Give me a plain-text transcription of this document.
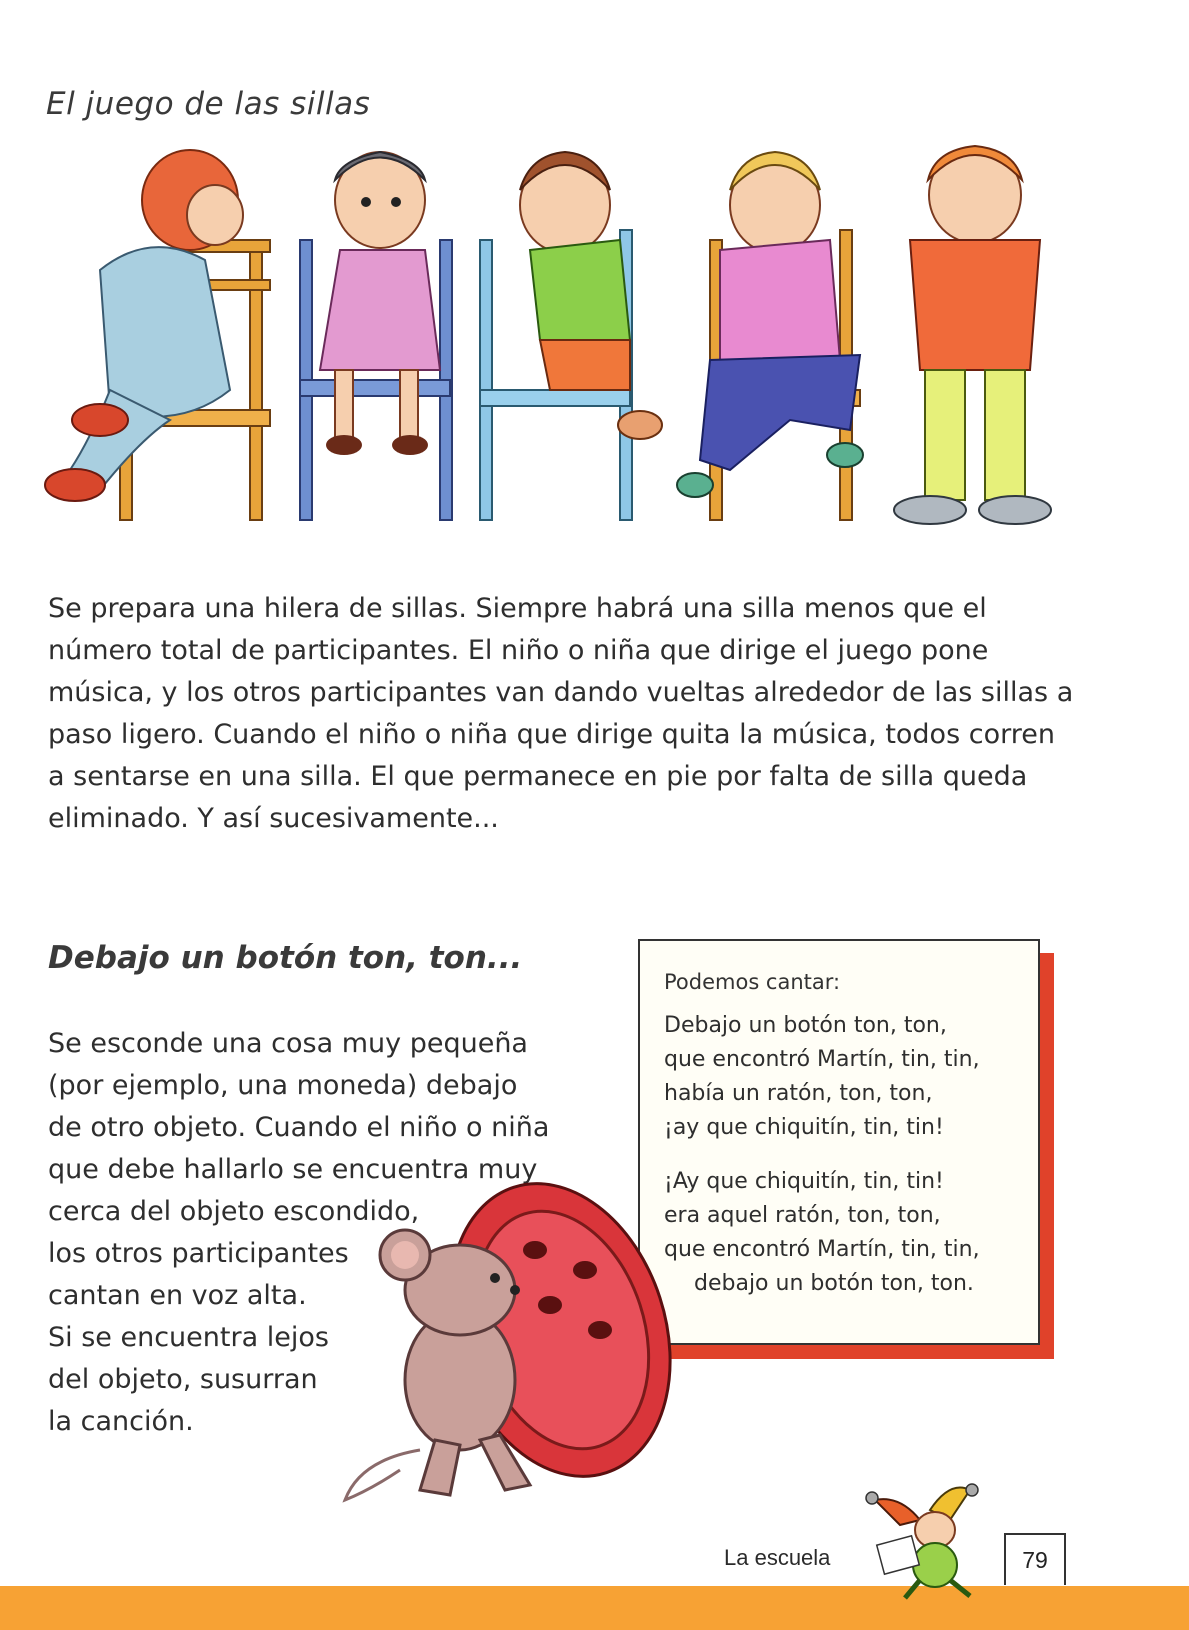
El juego de las sillas

Se prepara una hilera de sillas. Siempre habrá una silla menos que el número total de participantes. El niño o niña que dirige el juego pone música, y los otros participantes van dando vueltas alrededor de las sillas a paso ligero. Cuando el niño o niña que dirige quita la música, todos corren a sentarse en una silla. El que permanece en pie por falta de silla queda eliminado. Y así sucesivamente...

Debajo un botón ton, ton...
Se esconde una cosa muy pequeña
(por ejemplo, una moneda) debajo
de otro objeto. Cuando el niño o niña
que debe hallarlo se encuentra muy
cerca del objeto escondido,
los otros participantes
cantan en voz alta.
Si se encuentra lejos
del objeto, susurran
la canción.

Podemos cantar:

Debajo un botón ton, ton,
que encontró Martín, tin, tin,
había un ratón, ton, ton,
¡ay que chiquitín, tin, tin!
¡Ay que chiquitín, tin, tin!
era aquel ratón, ton, ton,
que encontró Martín, tin, tin,
debajo un botón ton, ton.
La escuela	79
